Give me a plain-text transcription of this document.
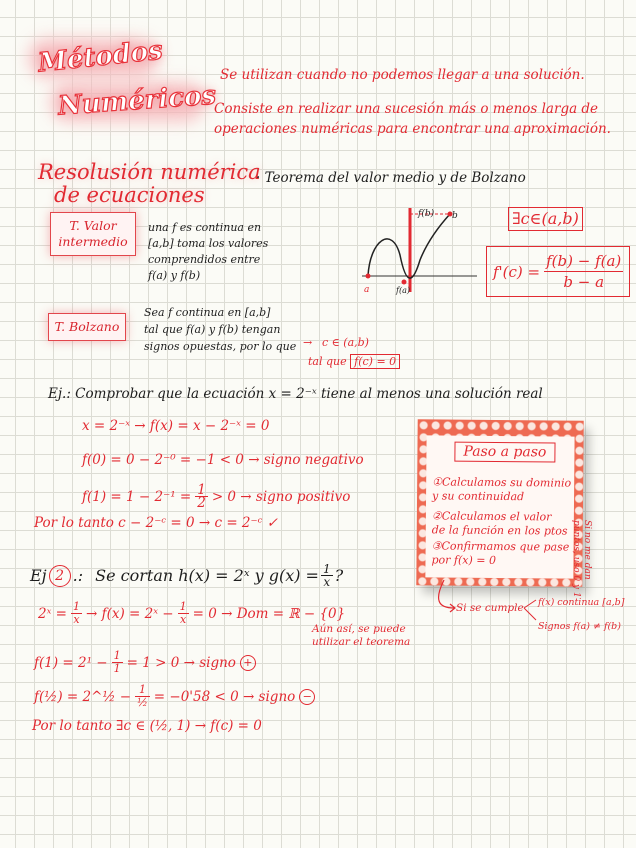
Métodos
Numéricos
Se utilizan cuando no podemos llegar a una solución.
Consiste en realizar una sucesión más o menos larga de
operaciones numéricas para encontrar una aproximación.
Resolusión numérica
de ecuaciones
· Teorema del valor medio y de Bolzano
T. Valor
intermedio
una f es continua en
[a,b] toma los valores
comprendidos entre
f(a) y f(b)
f(b) b
a	f(a)
∃c∈(a,b)
$f'(c) = \frac{f(b) - f(a)}{b - a}$
T. Bolzano
Sea f continua en [a,b]
tal que f(a) y f(b) tengan
signos opuestas, por lo que → c ∈ (a,b)
tal que f(c) = 0
Ej.: Comprobar que la ecuación x = 2⁻ˣ tiene al menos una solución real
x = 2⁻ˣ → f(x) = x − 2⁻ˣ = 0
f(0) = 0 − 2⁻⁰ = −1 < 0 → signo negativo
$f(1) = 1 - 2^{-1} = \frac{1}{2} > 0$ → signo positivo
Por lo tanto c − 2⁻ᶜ = 0 → c = 2⁻ᶜ ✓
Paso a paso
①Calculamos su dominio
y su continuidad
②Calculamos el valor
de la función en los ptos
③Confirmamos que pase
por f(x) = 0	Si no me dan
puntos, uso 0 y 1
Si se cumple f(x) continua [a,b]
Signos f(a) ≠ f(b)
Ej 2 .: Se cortan h(x) = 2ˣ y $g(x) = \frac{1}{x}$ ?
2ˣ = $\frac{1}{x} \to f(x)$ = 2ˣ − $\frac{1}{x} = 0$ → Dom = ℝ − {0}
Aún así, se puede
utilizar el teorema
$f(1) = 2^1 - \frac{1}{1} = 1 > 0$ → signo +
f(½) = 2^½ − $\frac{1}{\text{½}} = -0'58 < 0$ → signo −
Por lo tanto ∃c ∈ (½, 1) → f(c) = 0
